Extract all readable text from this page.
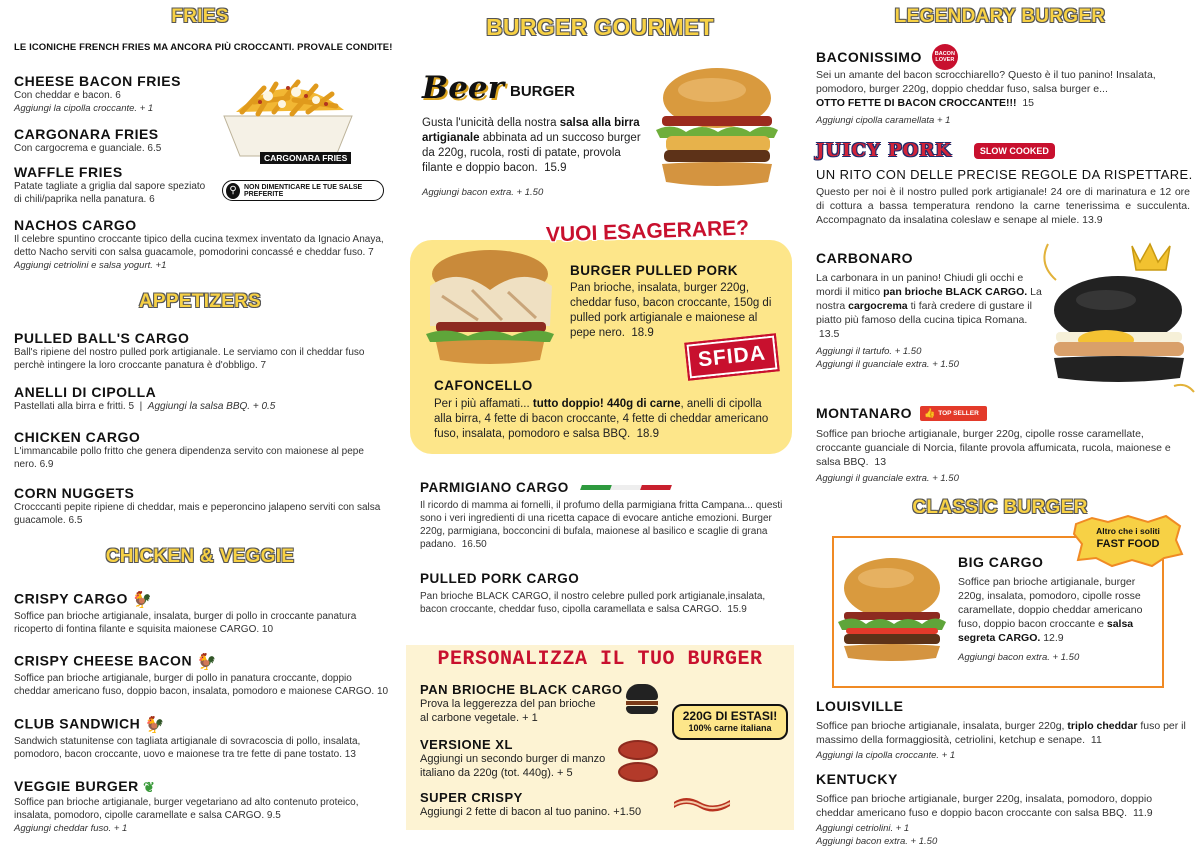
FRIES
LE ICONICHE FRENCH FRIES MA ANCORA PIÙ CROCCANTI. PROVALE CONDITE!
CARGONARA FRIES
CHEESE BACON FRIES
Con cheddar e bacon. 6
Aggiungi la cipolla croccante. + 1
CARGONARA FRIES
Con cargocrema e guanciale. 6.5
WAFFLE FRIES
Patate tagliate a griglia dal sapore speziato di chili/paprika nella panatura. 6
⚲	NON DIMENTICARE LE TUE SALSE PREFERITE
NACHOS CARGO
Il celebre spuntino croccante tipico della cucina texmex inventato da Ignacio Anaya, detto Nacho serviti con salsa guacamole, pomodorini concassé e cheddar fuso. 7
Aggiungi cetriolini e salsa yogurt. +1
APPETIZERS
PULLED BALL'S CARGO
Ball's ripiene del nostro pulled pork artigianale. Le serviamo con il cheddar fuso perchè intingere la loro croccante panatura è d'obbligo. 7
ANELLI DI CIPOLLA
Pastellati alla birra e fritti. 5  |  Aggiungi la salsa BBQ. + 0.5
CHICKEN CARGO
L'immancabile pollo fritto che genera dipendenza servito con maionese al pepe nero. 6.9
CORN NUGGETS
Crocccanti pepite ripiene di cheddar, mais e peperoncino jalapeno serviti con salsa guacamole. 6.5
CHICKEN & VEGGIE
CRISPY CARGO 🐓
Soffice pan brioche artigianale, insalata, burger di pollo in croccante panatura ricoperto di fontina filante e squisita maionese CARGO. 10
CRISPY CHEESE BACON 🐓
Soffice pan brioche artigianale, burger di pollo in panatura croccante, doppio cheddar americano fuso, doppio bacon, insalata, pomodoro e maionese CARGO. 10
CLUB SANDWICH 🐓
Sandwich statunitense con tagliata artigianale di sovracoscia di pollo, insalata, pomodoro, bacon croccante, uovo e maionese tra tre fette di pane tostato. 13
VEGGIE BURGER ❦
Soffice pan brioche artigianale, burger vegetariano ad alto contenuto proteico, insalata, pomodoro, cipolle caramellate e salsa CARGO. 9.5
Aggiungi cheddar fuso. + 1
BURGER GOURMET
Beer BURGER
Gusta l'unicità della nostra salsa alla birra artigianale abbinata ad un succoso burger da 220g, rucola, rosti di patate, provola filante e doppio bacon. 15.9
Aggiungi bacon extra. + 1.50
VUOI ESAGERARE?
BURGER PULLED PORK
Pan brioche, insalata, burger 220g, cheddar fuso, bacon croccante, 150g di pulled pork artigianale e maionese al pepe nero. 18.9
SFIDA
CAFONCELLO
Per i più affamati... tutto doppio! 440g di carne, anelli di cipolla alla birra, 4 fette di bacon croccante, 4 fette di cheddar americano fuso, insalata, pomodoro e salsa BBQ. 18.9
PARMIGIANO CARGO
Il ricordo di mamma ai fornelli, il profumo della parmigiana fritta Campana... questi sono i veri ingredienti di una ricetta capace di evocare antiche emozioni. Burger 220g, parmigiana, bocconcini di bufala, maionese al basilico e scaglie di grana padano. 16.50
PULLED PORK CARGO
Pan brioche BLACK CARGO, il nostro celebre pulled pork artigianale,insalata, bacon croccante, cheddar fuso, cipolla caramellata e salsa CARGO. 15.9
PERSONALIZZA IL TUO BURGER
PAN BRIOCHE BLACK CARGO
Prova la leggerezza del pan brioche al carbone vegetale. + 1	220G DI ESTASI!
100% carne italiana
VERSIONE XL
Aggiungi un secondo burger di manzo italiano da 220g (tot. 440g). + 5
SUPER CRISPY
Aggiungi 2 fette di bacon al tuo panino. +1.50
LEGENDARY BURGER
BACONISSIMO	BACON LOVER
Sei un amante del bacon scrocchiarello? Questo è il tuo panino! Insalata, pomodoro, burger 220g, doppio cheddar fuso, salsa burger e...
OTTO FETTE DI BACON CROCCANTE!!! 15
Aggiungi cipolla caramellata + 1
JUICY PORK	SLOW COOKED
UN RITO CON DELLE PRECISE REGOLE DA RISPETTARE.
Questo per noi è il nostro pulled pork artigianale! 24 ore di marinatura e 12 ore di cottura a bassa temperatura rendono la carne tenerissima e succulenta. Accompagnato da insalatina coleslaw e senape al miele. 13.9
CARBONARO
La carbonara in un panino! Chiudi gli occhi e mordi il mitico pan brioche BLACK CARGO. La nostra cargocrema ti farà credere di gustare il piatto più famoso della cucina tipica Romana.  13.5
Aggiungi il tartufo. + 1.50
Aggiungi il guanciale extra. + 1.50
MONTANARO 👍 TOP SELLER
Soffice pan brioche artigianale, burger 220g, cipolle rosse caramellate, croccante guanciale di Norcia, filante provola affumicata, rucola, maionese e salsa BBQ. 13
Aggiungi il guanciale extra. + 1.50
CLASSIC BURGER
Altro che i soliti
FAST FOOD
BIG CARGO
Soffice pan brioche artigianale, burger 220g, insalata, pomodoro, cipolle rosse caramellate, doppio cheddar americano fuso, doppio bacon croccante e salsa segreta CARGO. 12.9
Aggiungi bacon extra. + 1.50
LOUISVILLE
Soffice pan brioche artigianale, insalata, burger 220g, triplo cheddar fuso per il massimo della formaggiosità, cetriolini, ketchup e senape. 11
Aggiungi la cipolla croccante. + 1
KENTUCKY
Soffice pan brioche artigianale, burger 220g, insalata, pomodoro, doppio cheddar americano fuso e doppio bacon croccante con salsa BBQ. 11.9
Aggiungi cetriolini. + 1
Aggiungi bacon extra. + 1.50
